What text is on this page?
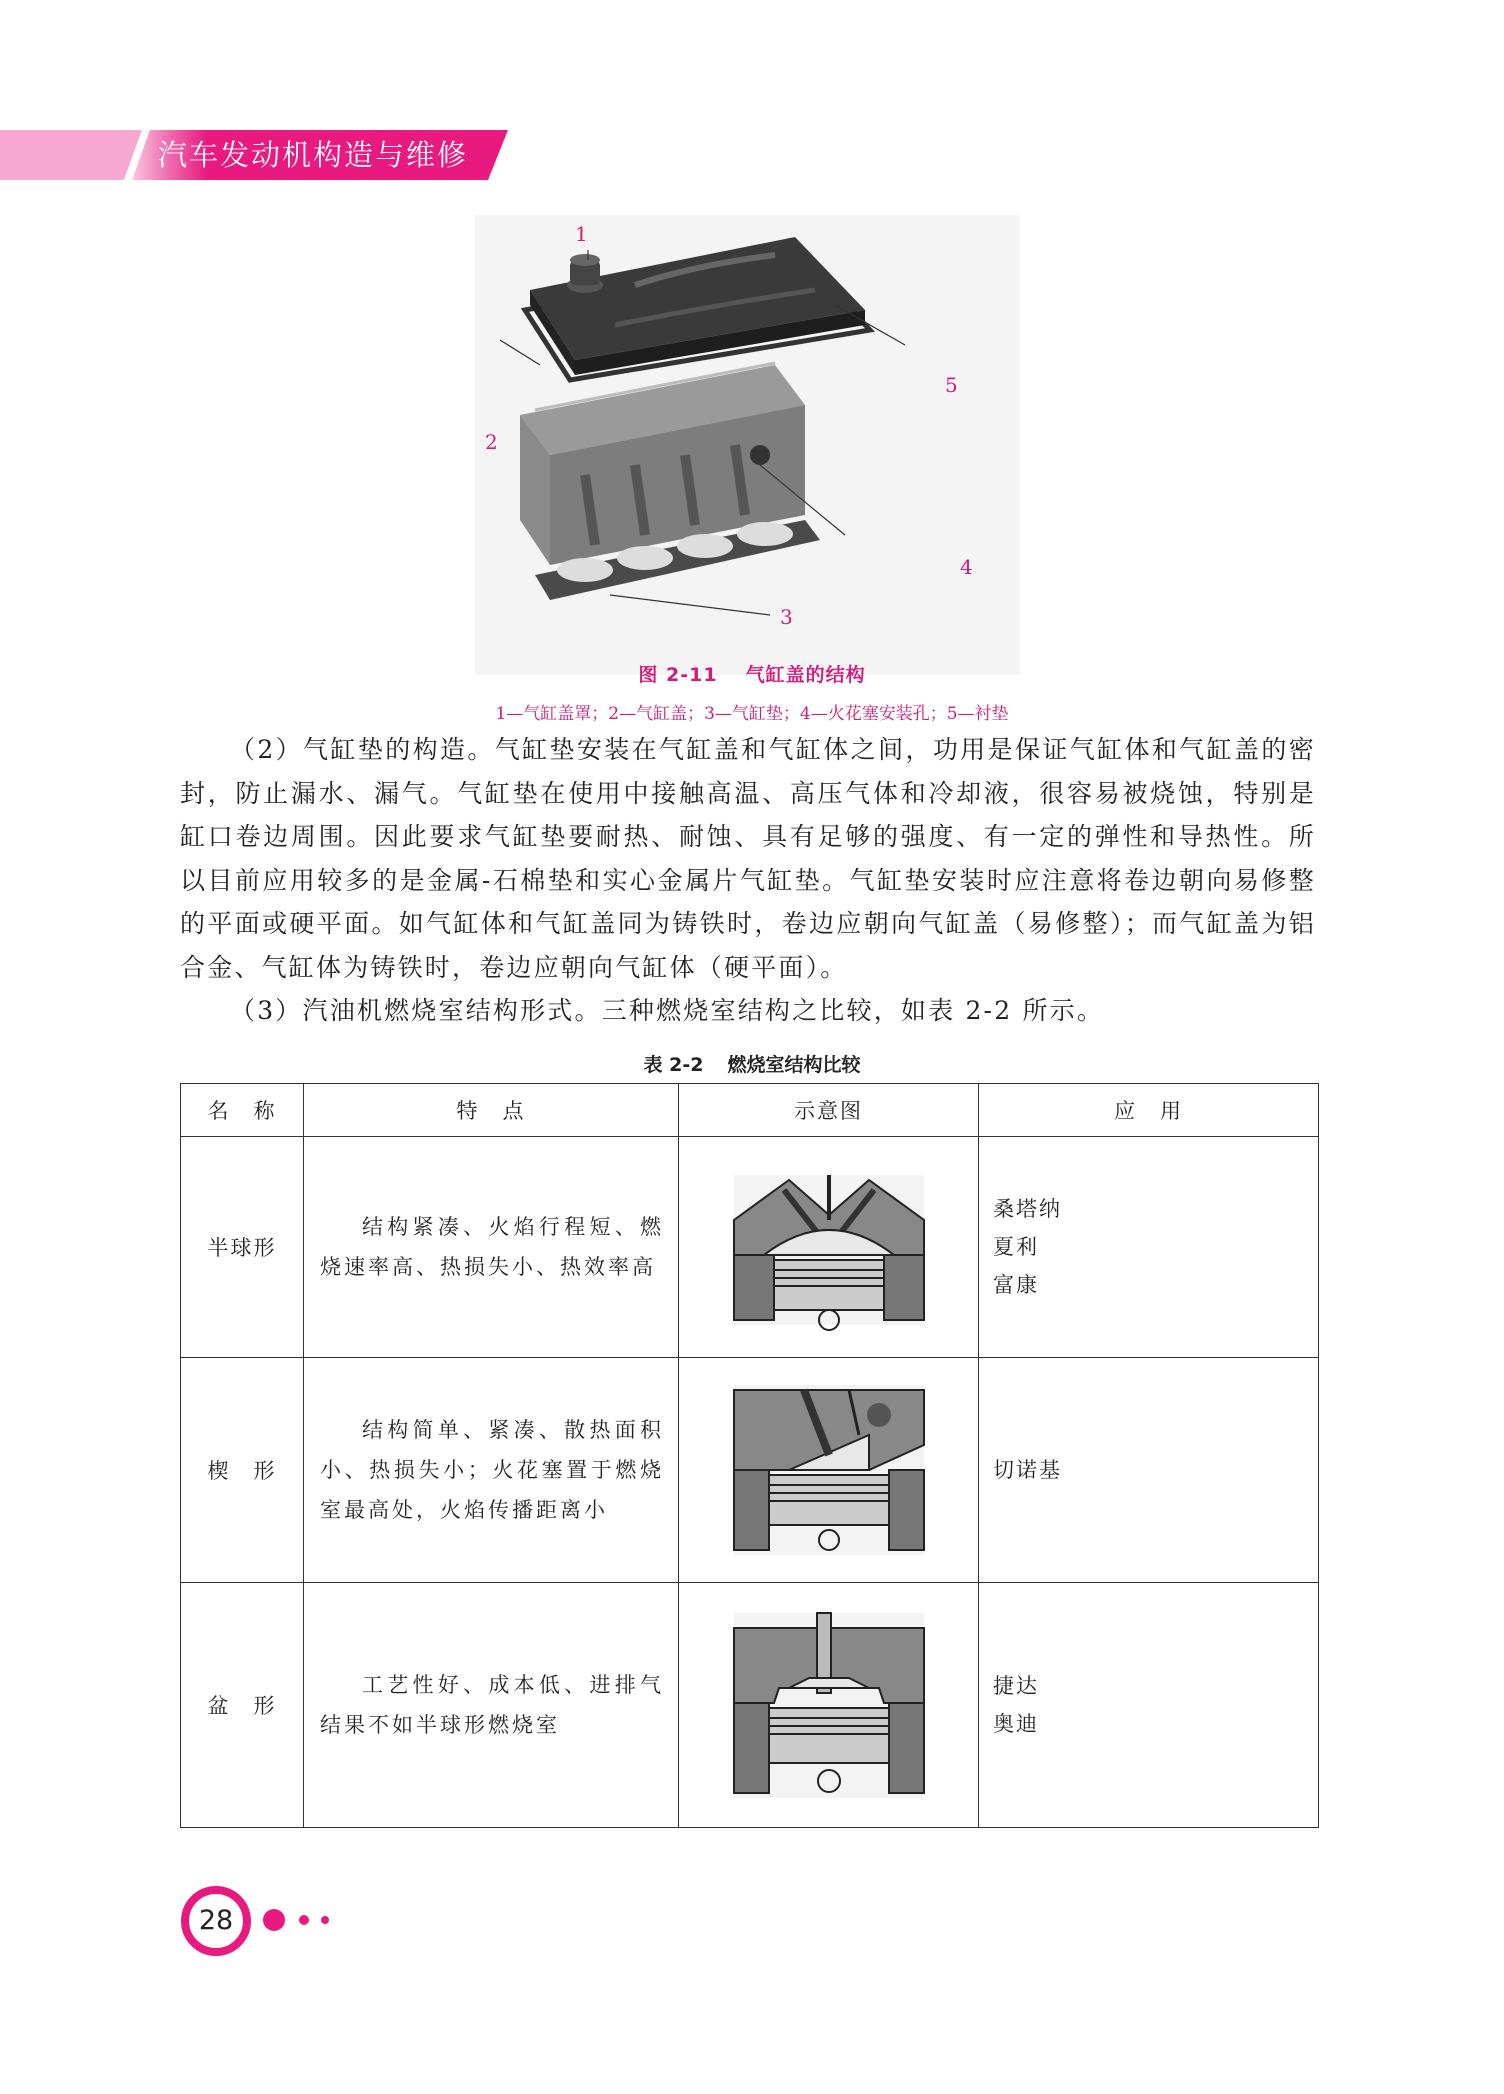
汽车发动机构造与维修
1
2
3
4
5
图 2-11 气缸盖的结构
1—气缸盖罩；2—气缸盖；3—气缸垫；4—火花塞安装孔；5—衬垫

（2）气缸垫的构造。气缸垫安装在气缸盖和气缸体之间，功用是保证气缸体和气缸盖的密封，防止漏水、漏气。气缸垫在使用中接触高温、高压气体和冷却液，很容易被烧蚀，特别是缸口卷边周围。因此要求气缸垫要耐热、耐蚀、具有足够的强度、有一定的弹性和导热性。所以目前应用较多的是金属-石棉垫和实心金属片气缸垫。气缸垫安装时应注意将卷边朝向易修整的平面或硬平面。如气缸体和气缸盖同为铸铁时，卷边应朝向气缸盖（易修整）；而气缸盖为铝合金、气缸体为铸铁时，卷边应朝向气缸体（硬平面）。

（3）汽油机燃烧室结构形式。三种燃烧室结构之比较，如表 2-2 所示。

表 2-2 燃烧室结构比较
名　称	特　点	示意图	应　用
半球形	结构紧凑、火焰行程短、燃烧速率高、热损失小、热效率高		桑塔纳
夏利
富康

楔　形	结构简单、紧凑、散热面积小、热损失小；火花塞置于燃烧室最高处，火焰传播距离小		切诺基

盆　形	工艺性好、成本低、进排气结果不如半球形燃烧室		捷达
奥迪
28
